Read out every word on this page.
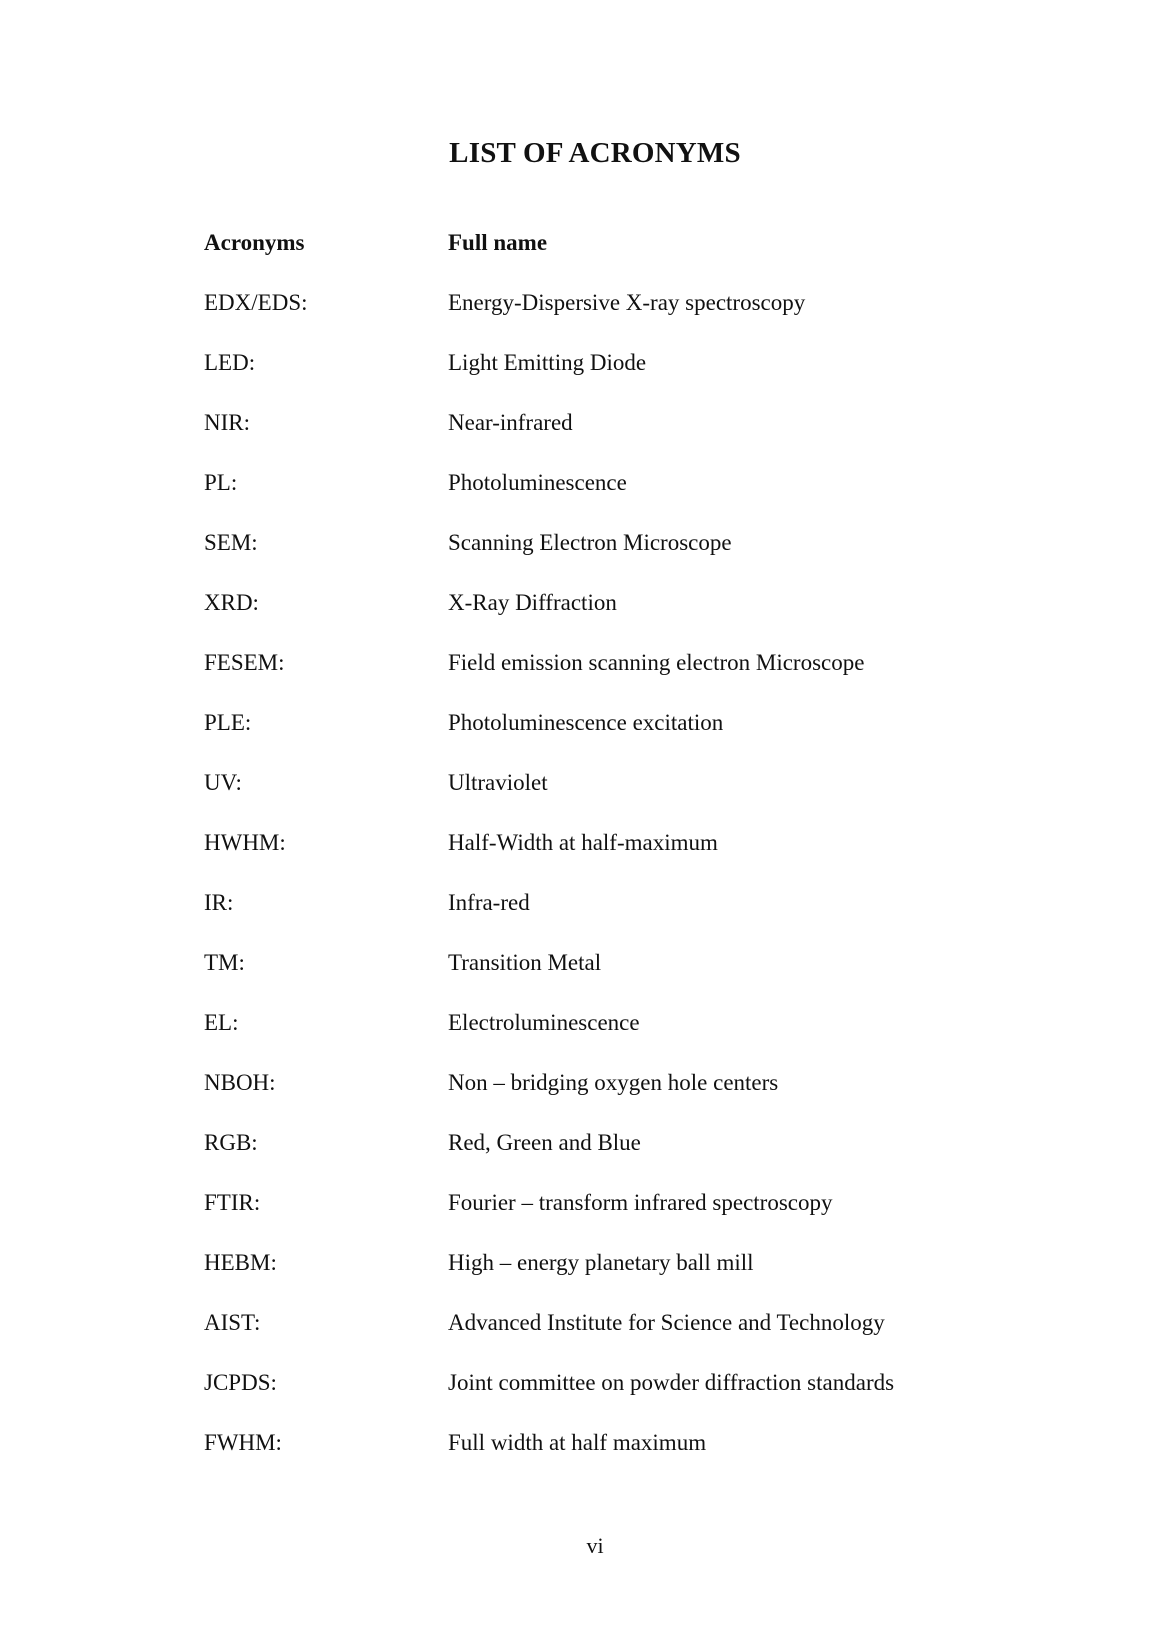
LIST OF ACRONYMS
Acronyms	Full name
EDX/EDS:	Energy-Dispersive X-ray spectroscopy
LED:	Light Emitting Diode
NIR:	Near-infrared
PL:	Photoluminescence
SEM:	Scanning Electron Microscope
XRD:	X-Ray Diffraction
FESEM:	Field emission scanning electron Microscope
PLE:	Photoluminescence excitation
UV:	Ultraviolet
HWHM:	Half-Width at half-maximum
IR:	Infra-red
TM:	Transition Metal
EL:	Electroluminescence
NBOH:	Non – bridging oxygen hole centers
RGB:	Red, Green and Blue
FTIR:	Fourier – transform infrared spectroscopy
HEBM:	High – energy planetary ball mill
AIST:	Advanced Institute for Science and Technology
JCPDS:	Joint committee on powder diffraction standards
FWHM:	Full width at half maximum
vi
